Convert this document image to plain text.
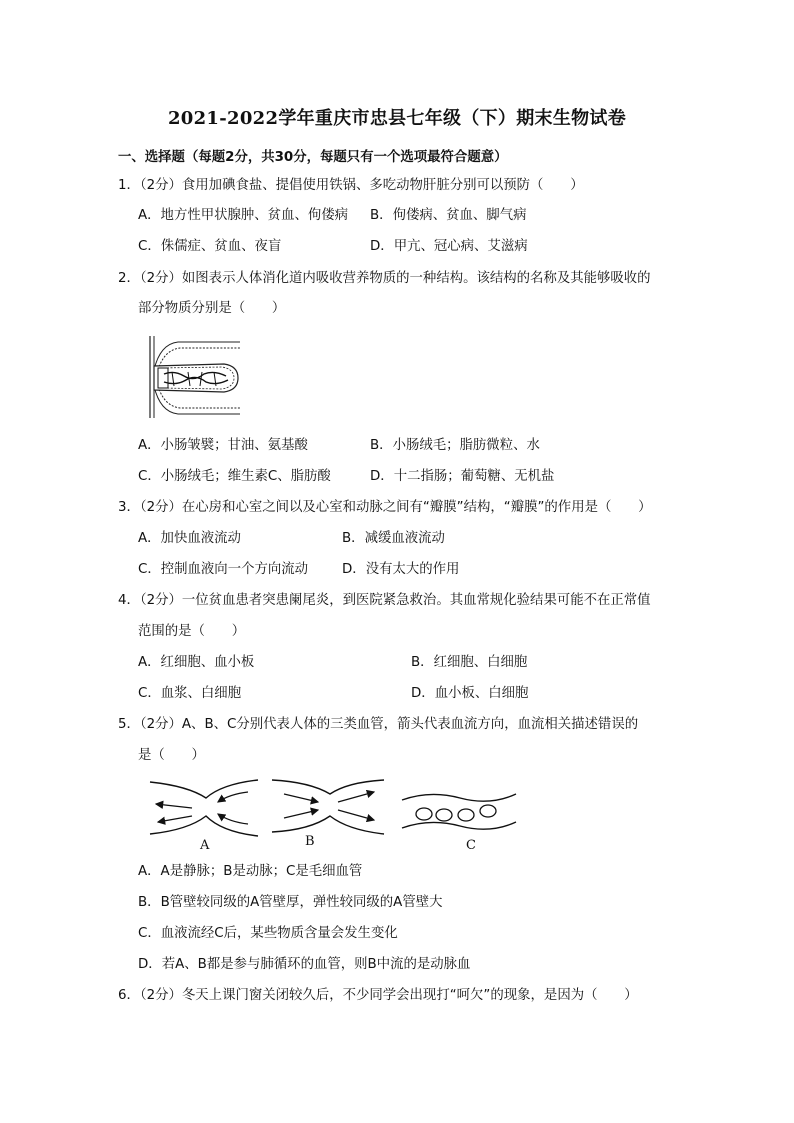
2021-2022学年重庆市忠县七年级（下）期末生物试卷
一、选择题（每题2分，共30分，每题只有一个选项最符合题意）
1．（2分）食用加碘食盐、提倡使用铁锅、多吃动物肝脏分别可以预防（　　）
A．地方性甲状腺肿、贫血、佝偻病 B．佝偻病、贫血、脚气病
C．侏儒症、贫血、夜盲	D．甲亢、冠心病、艾滋病
2．（2分）如图表示人体消化道内吸收营养物质的一种结构。该结构的名称及其能够吸收的
部分物质分别是（　　）
A．小肠皱襞；甘油、氨基酸	B．小肠绒毛；脂肪微粒、水
C．小肠绒毛；维生素C、脂肪酸	D．十二指肠；葡萄糖、无机盐
3．（2分）在心房和心室之间以及心室和动脉之间有“瓣膜”结构，“瓣膜”的作用是（　　）
A．加快血液流动	B．减缓血液流动
C．控制血液向一个方向流动	D．没有太大的作用
4．（2分）一位贫血患者突患阑尾炎，到医院紧急救治。其血常规化验结果可能不在正常值
范围的是（　　）
A．红细胞、血小板	B．红细胞、白细胞
C．血浆、白细胞	D．血小板、白细胞
5．（2分）A、B、C分别代表人体的三类血管，箭头代表血流方向，血流相关描述错误的
是（　　）
A	B	C
A．A是静脉；B是动脉；C是毛细血管
B．B管壁较同级的A管壁厚，弹性较同级的A管壁大
C．血液流经C后，某些物质含量会发生变化
D．若A、B都是参与肺循环的血管，则B中流的是动脉血
6．（2分）冬天上课门窗关闭较久后，不少同学会出现打“呵欠”的现象，是因为（　　）
